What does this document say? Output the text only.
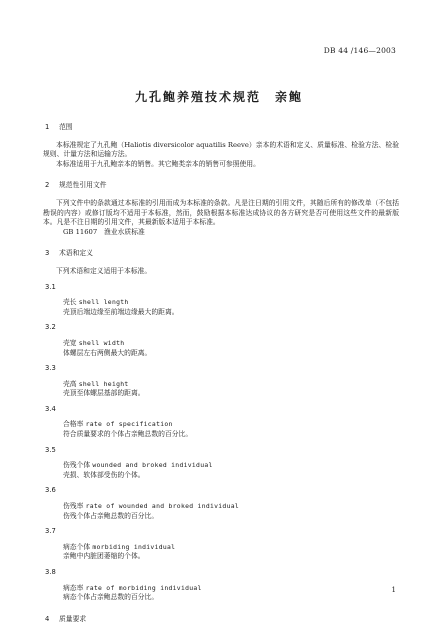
DB 44 /146—2003
九孔鲍养殖技术规范　亲鲍
1 范围
本标准规定了九孔鲍（Haliotis diversicolor aquatilis Reeve）亲本的术语和定义、质量标准、检验方法、检验规则、计量方法和运输方法。
本标准适用于九孔鲍亲本的销售。其它鲍类亲本的销售可参照使用。
2 规范性引用文件
下列文件中的条款通过本标准的引用而成为本标准的条款。凡是注日期的引用文件，其随后所有的修改单（不包括勘误的内容）或修订版均不适用于本标准，然而，鼓励根据本标准达成协议的各方研究是否可使用这些文件的最新版本。凡是不注日期的引用文件，其最新版本适用于本标准。
GB 11607　渔业水质标准
3 术语和定义
下列术语和定义适用于本标准。
3.1
壳长 shell length
壳顶后端边缘至前端边缘最大的距离。
3.2
壳宽 shell width
体螺层左右两侧最大的距离。
3.3
壳高 shell height
壳顶至体螺层基部的距离。
3.4
合格率 rate of specification
符合质量要求的个体占亲鲍总数的百分比。
3.5
伤残个体 wounded and broked individual
壳损、软体部受伤的个体。
3.6
伤残率 rate of wounded and broked individual
伤残个体占亲鲍总数的百分比。
3.7
病态个体 morbiding individual
亲鲍中内脏团萎缩的个体。
3.8
病态率 rate of morbiding individual
病态个体占亲鲍总数的百分比。
4 质量要求
1
